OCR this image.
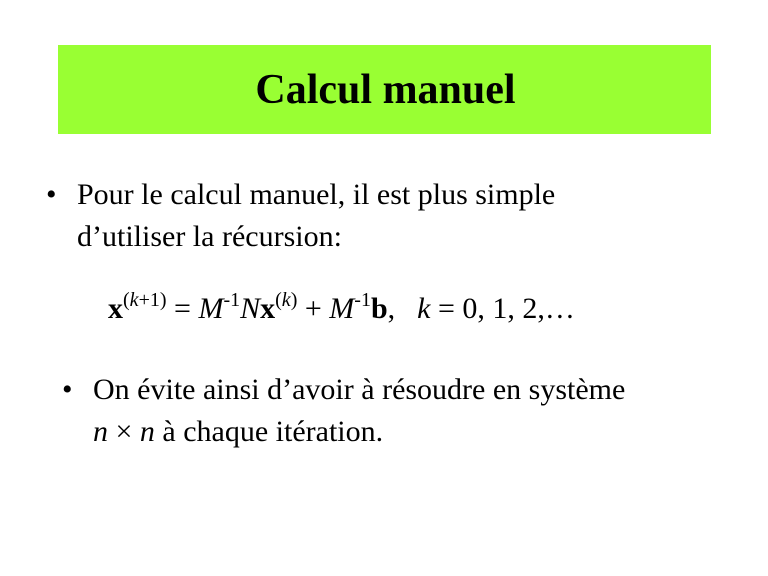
Calcul manuel
• Pour le calcul manuel, il est plus simple
d’utiliser la récursion:
$x^{(k+1)} = M^{-1}Nx^{(k)} + M^{-1}b$, k = 0, 1, 2,…
• On évite ainsi d’avoir à résoudre en système
n × n à chaque itération.
